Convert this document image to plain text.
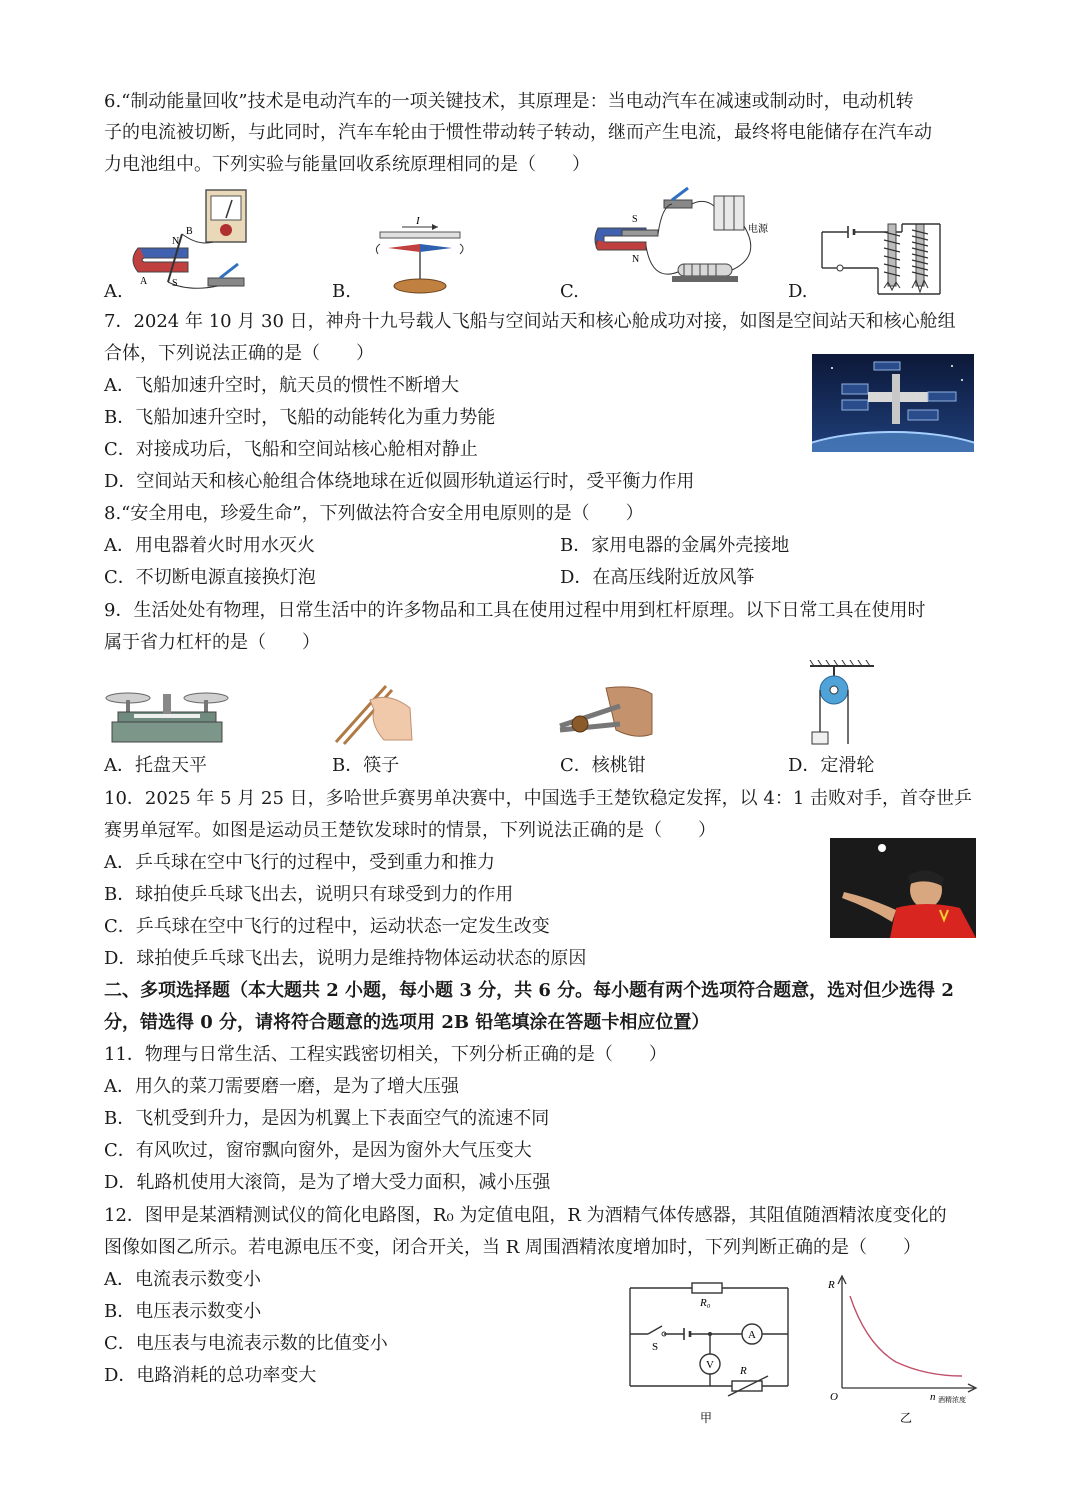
6.“制动能量回收”技术是电动汽车的一项关键技术，其原理是：当电动汽车在减速或制动时，电动机转
子的电流被切断，与此同时，汽车车轮由于惯性带动转子转动，继而产生电流，最终将电能储存在汽车动
力电池组中。下列实验与能量回收系统原理相同的是（　　）
A.	B.	C.	D.
N
S
A
B
I	S
N
电源
7．2024 年 10 月 30 日，神舟十九号载人飞船与空间站天和核心舱成功对接，如图是空间站天和核心舱组
合体，下列说法正确的是（　　）
A．飞船加速升空时，航天员的惯性不断增大
B．飞船加速升空时，飞船的动能转化为重力势能
C．对接成功后，飞船和空间站核心舱相对静止
D．空间站天和核心舱组合体绕地球在近似圆形轨道运行时，受平衡力作用
8.“安全用电，珍爱生命”，下列做法符合安全用电原则的是（　　）
A．用电器着火时用水灭火	B．家用电器的金属外壳接地
C．不切断电源直接换灯泡	D．在高压线附近放风筝
9．生活处处有物理，日常生活中的许多物品和工具在使用过程中用到杠杆原理。以下日常工具在使用时
属于省力杠杆的是（　　）
A．托盘天平	B．筷子	C．核桃钳	D．定滑轮
10．2025 年 5 月 25 日，多哈世乒赛男单决赛中，中国选手王楚钦稳定发挥，以 4：1 击败对手，首夺世乒
赛男单冠军。如图是运动员王楚钦发球时的情景，下列说法正确的是（　　）
A．乒乓球在空中飞行的过程中，受到重力和推力
B．球拍使乒乓球飞出去，说明只有球受到力的作用
C．乒乓球在空中飞行的过程中，运动状态一定发生改变
D．球拍使乒乓球飞出去，说明力是维持物体运动状态的原因
二、多项选择题（本大题共 2 小题，每小题 3 分，共 6 分。每小题有两个选项符合题意，选对但少选得 2
分，错选得 0 分，请将符合题意的选项用 2B 铅笔填涂在答题卡相应位置）
11．物理与日常生活、工程实践密切相关，下列分析正确的是（　　）
A．用久的菜刀需要磨一磨，是为了增大压强
B．飞机受到升力，是因为机翼上下表面空气的流速不同
C．有风吹过，窗帘飘向窗外，是因为窗外大气压变大
D．轧路机使用大滚筒，是为了增大受力面积，减小压强
12．图甲是某酒精测试仪的简化电路图，R₀ 为定值电阻，R 为酒精气体传感器，其阻值随酒精浓度变化的
图像如图乙所示。若电源电压不变，闭合开关，当 R 周围酒精浓度增加时，下列判断正确的是（　　）
A．电流表示数变小
B．电压表示数变小
C．电压表与电流表示数的比值变小
D．电路消耗的总功率变大
R₀
S
A
V R
甲
R
O	n 酒精浓度
乙
